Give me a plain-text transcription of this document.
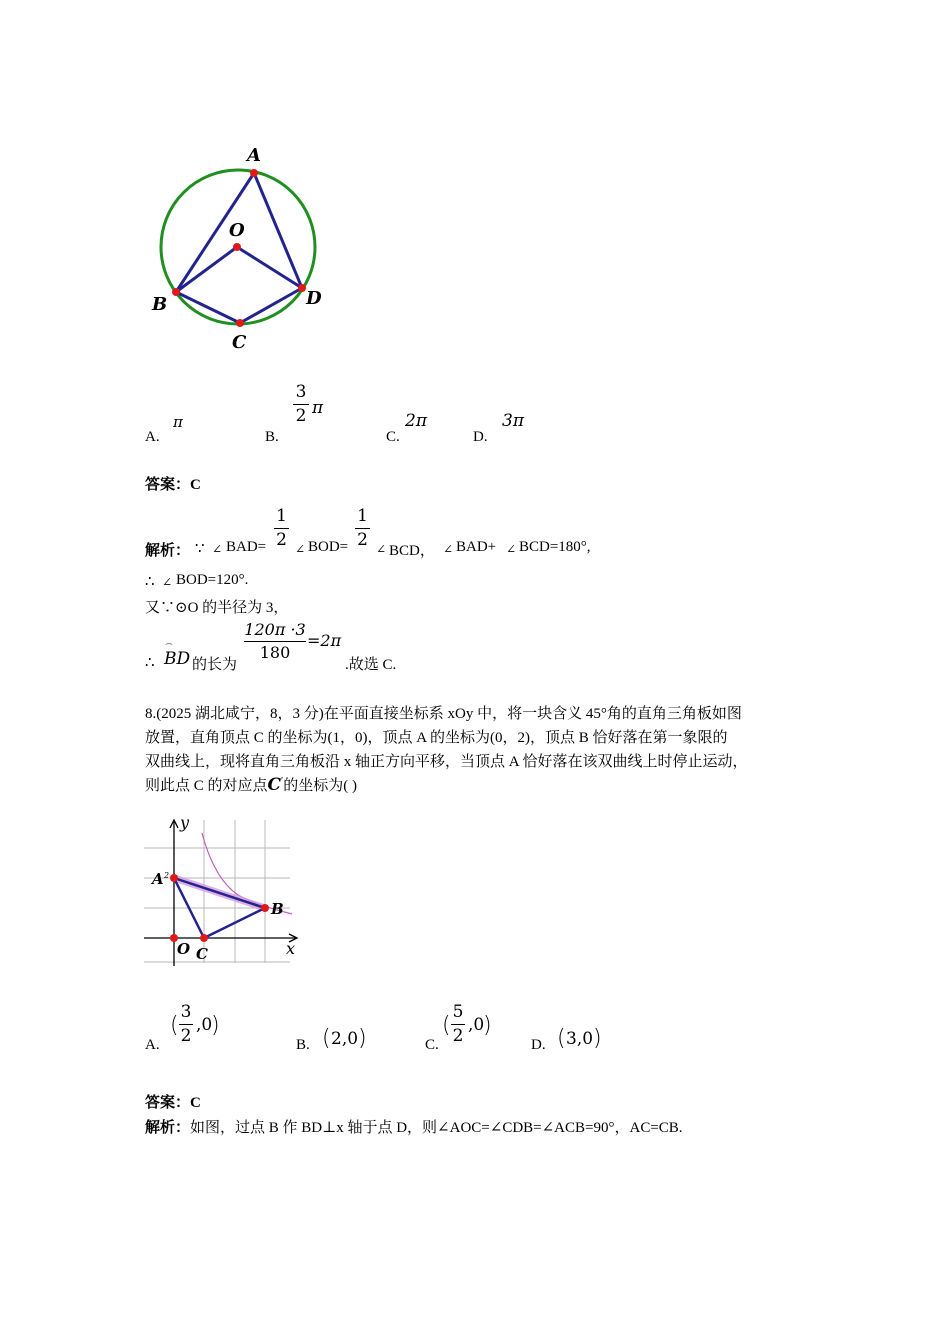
A
O
B	D
C
A.
π
B.
3
2 π
C.
2π
D.
3π
答案：C
解析： ∵ ∠ BAD=
1
2 ∠ BOD=
1
2 ∠ BCD， ∠ BAD+ ∠ BCD=180°,
∴ ∠ BOD=120°.
又∵⊙O 的半径为 3，
∴
⌢
BD 的长为
120π ·3
180
=2π
.故选 C.
8.(2025 湖北咸宁，8，3 分)在平面直接坐标系 xOy 中，将一块含义 45°角的直角三角板如图
放置，直角顶点 C 的坐标为(1，0)，顶点 A 的坐标为(0，2)，顶点 B 恰好落在第一象限的
双曲线上，现将直角三角板沿 x 轴正方向平移，当顶点 A 恰好落在该双曲线上时停止运动，
则此点 C 的对应点C′的坐标为( )
y
x
A 2
B
O C
A.
(
3
2
,0
)
B. ( 2,0 )	C.
(
5
2
,0
)
D. ( 3,0 )
答案：C
解析：如图，过点 B 作 BD⊥x 轴于点 D，则∠AOC=∠CDB=∠ACB=90°，AC=CB.
